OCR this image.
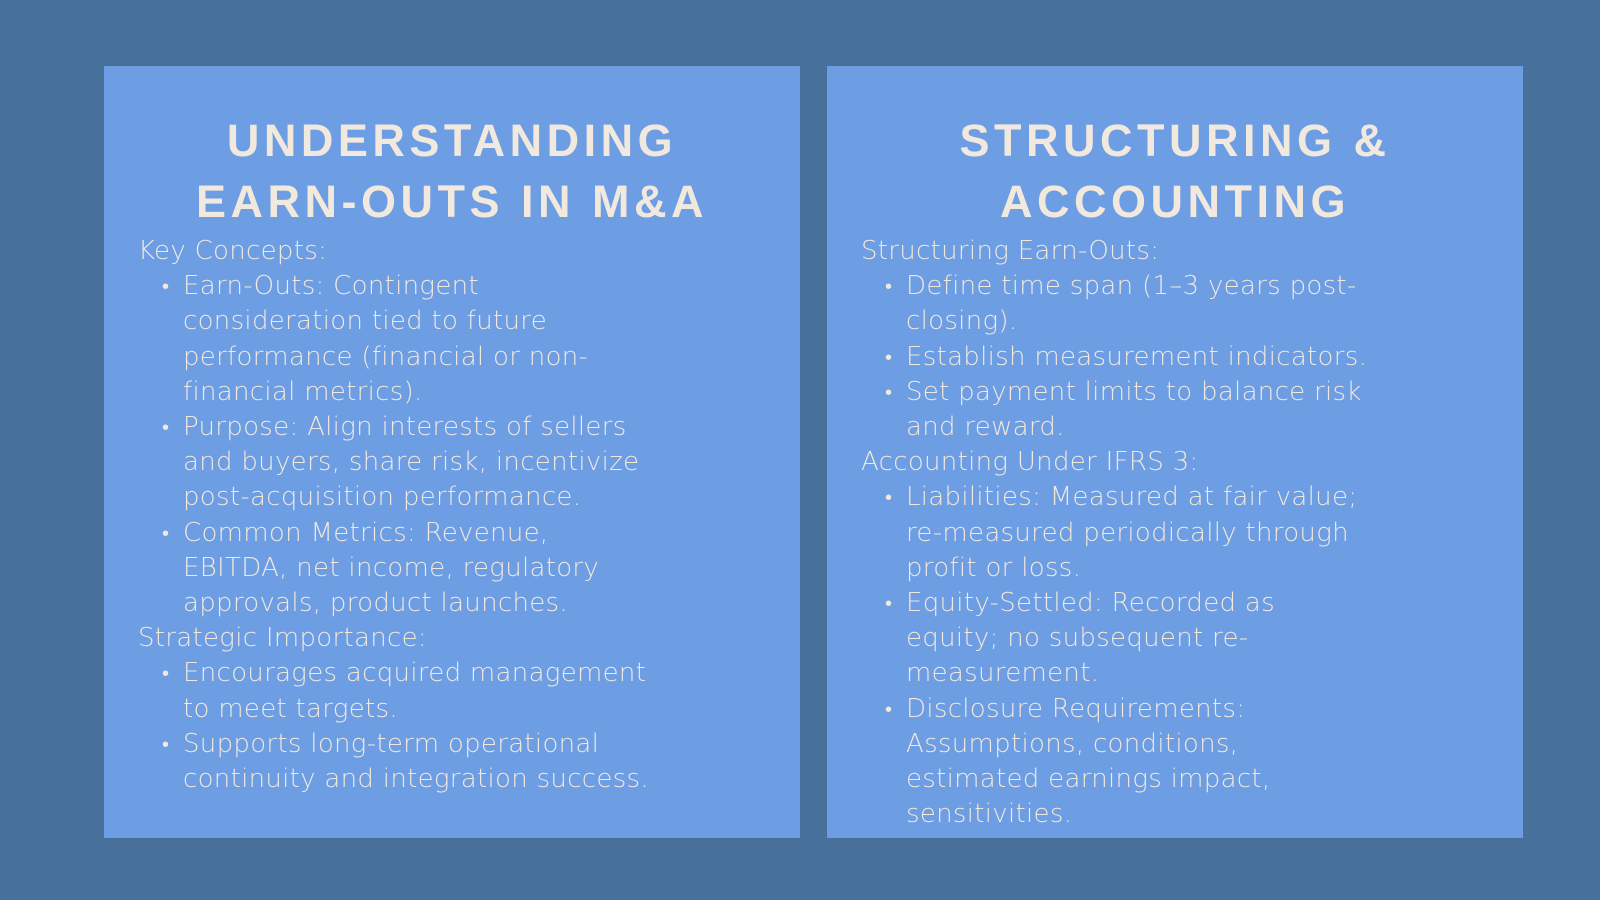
UNDERSTANDING
EARN-OUTS IN M&A
Key Concepts:
• Earn-Outs: Contingent
consideration tied to future
performance (financial or non-
financial metrics).
• Purpose: Align interests of sellers
and buyers, share risk, incentivize
post-acquisition performance.
• Common Metrics: Revenue,
EBITDA, net income, regulatory
approvals, product launches.
Strategic Importance:
• Encourages acquired management
to meet targets.
• Supports long-term operational
continuity and integration success.
STRUCTURING &
ACCOUNTING
Structuring Earn-Outs:
• Define time span (1–3 years post-
closing).
• Establish measurement indicators.
• Set payment limits to balance risk
and reward.
Accounting Under IFRS 3:
• Liabilities: Measured at fair value;
re-measured periodically through
profit or loss.
• Equity-Settled: Recorded as
equity; no subsequent re-
measurement.
• Disclosure Requirements:
Assumptions, conditions,
estimated earnings impact,
sensitivities.
